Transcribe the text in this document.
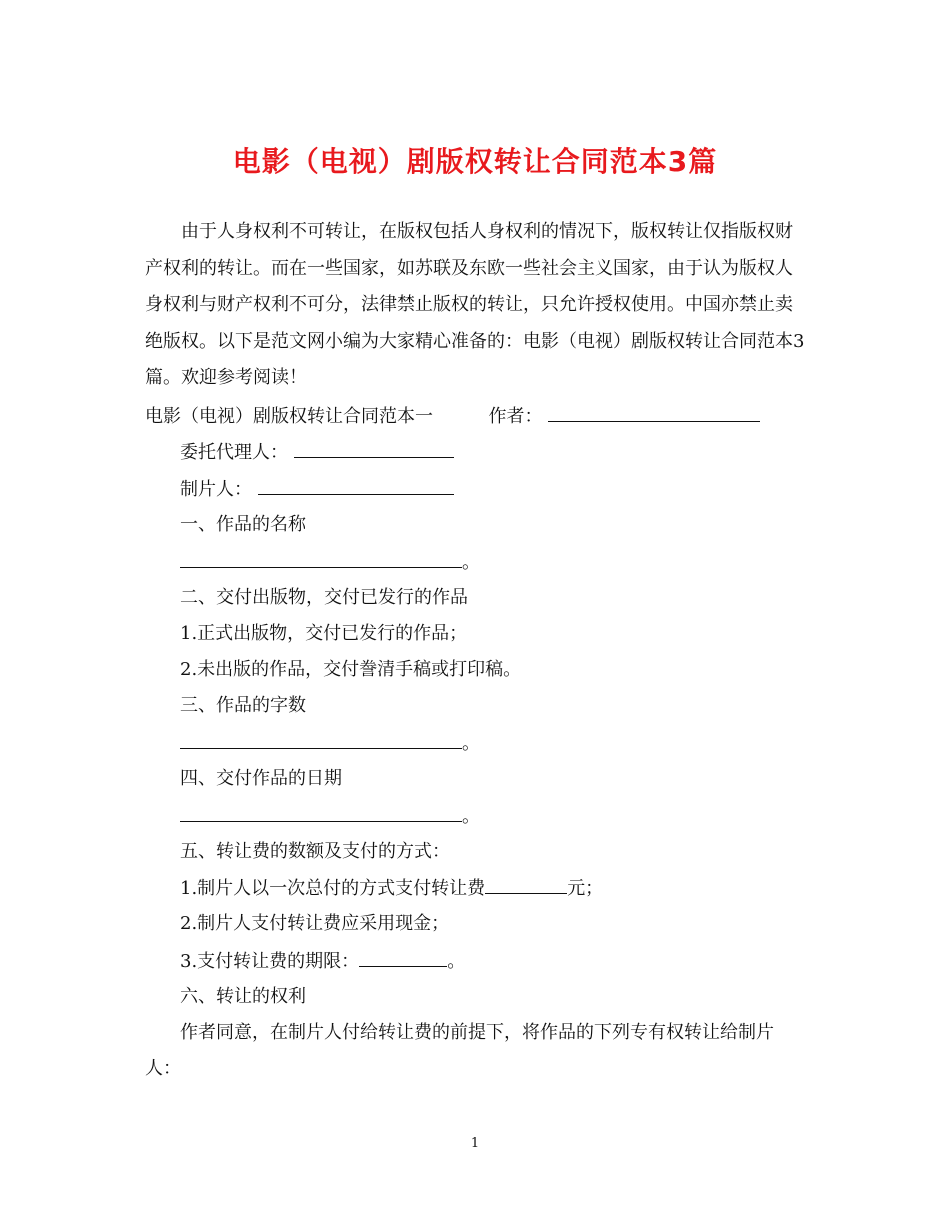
电影（电视）剧版权转让合同范本3篇
由于人身权利不可转让，在版权包括人身权利的情况下，版权转让仅指版权财产权利的转让。而在一些国家，如苏联及东欧一些社会主义国家，由于认为版权人身权利与财产权利不可分，法律禁止版权的转让，只允许授权使用。中国亦禁止卖绝版权。以下是范文网小编为大家精心准备的：电影（电视）剧版权转让合同范本3篇。欢迎参考阅读！
电影（电视）剧版权转让合同范本一	作者：
委托代理人：
制片人：
一、作品的名称
。
二、交付出版物，交付已发行的作品
1.正式出版物，交付已发行的作品；
2.未出版的作品，交付誊清手稿或打印稿。
三、作品的字数
。
四、交付作品的日期
。
五、转让费的数额及支付的方式：
1.制片人以一次总付的方式支付转让费	元；
2.制片人支付转让费应采用现金；
3.支付转让费的期限：	。
六、转让的权利
作者同意，在制片人付给转让费的前提下，将作品的下列专有权转让给制片
人：
1
